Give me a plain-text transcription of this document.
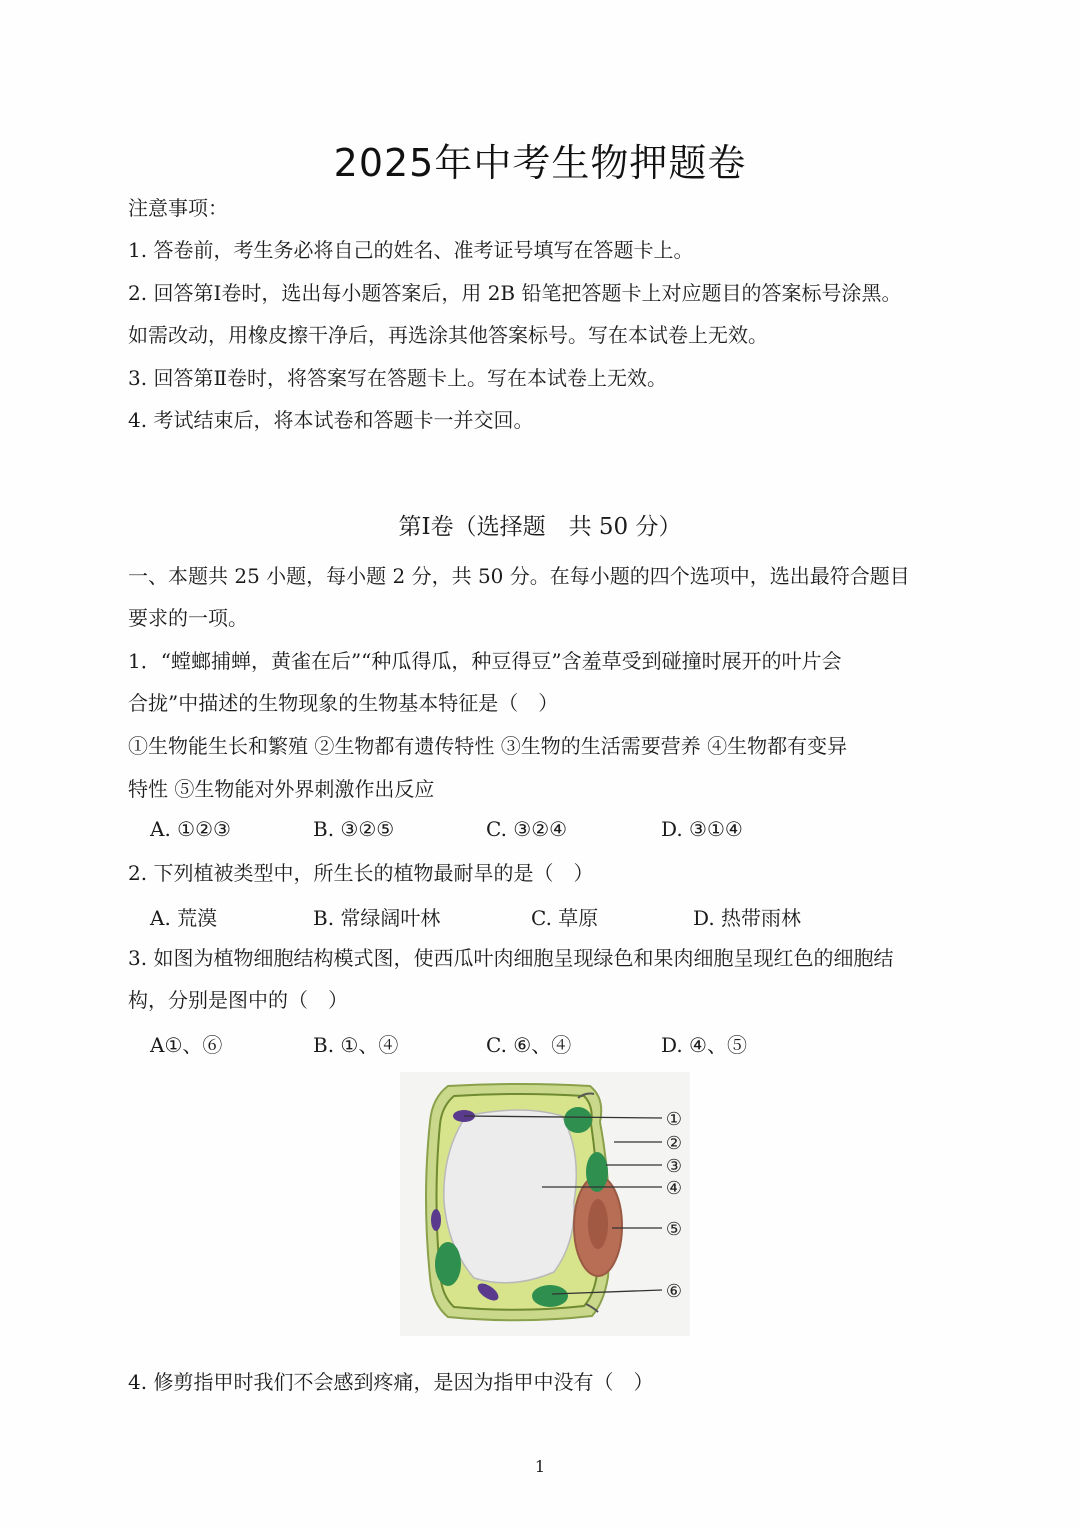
2025年中考生物押题卷
注意事项：
1. 答卷前，考生务必将自己的姓名、准考证号填写在答题卡上。
2. 回答第Ⅰ卷时，选出每小题答案后，用 2B 铅笔把答题卡上对应题目的答案标号涂黑。
如需改动，用橡皮擦干净后，再选涂其他答案标号。写在本试卷上无效。
3. 回答第Ⅱ卷时，将答案写在答题卡上。写在本试卷上无效。
4. 考试结束后，将本试卷和答题卡一并交回。
第Ⅰ卷（选择题　共 50 分）
一、本题共 25 小题，每小题 2 分，共 50 分。在每小题的四个选项中，选出最符合题目
要求的一项。
1．“螳螂捕蝉，黄雀在后”“种瓜得瓜，种豆得豆”含羞草受到碰撞时展开的叶片会
合拢”中描述的生物现象的生物基本特征是（　）
①生物能生长和繁殖 ②生物都有遗传特性 ③生物的生活需要营养 ④生物都有变异
特性 ⑤生物能对外界刺激作出反应
A. ①②③	B. ③②⑤	C. ③②④	D. ③①④
2. 下列植被类型中，所生长的植物最耐旱的是（　）
A. 荒漠	B. 常绿阔叶林	C. 草原	D. 热带雨林
3. 如图为植物细胞结构模式图，使西瓜叶肉细胞呈现绿色和果肉细胞呈现红色的细胞结
构，分别是图中的（　）
A①、⑥	B. ①、④	C. ⑥、④	D. ④、⑤
①
②
③
④
⑤
⑥
4. 修剪指甲时我们不会感到疼痛，是因为指甲中没有（　）
1
